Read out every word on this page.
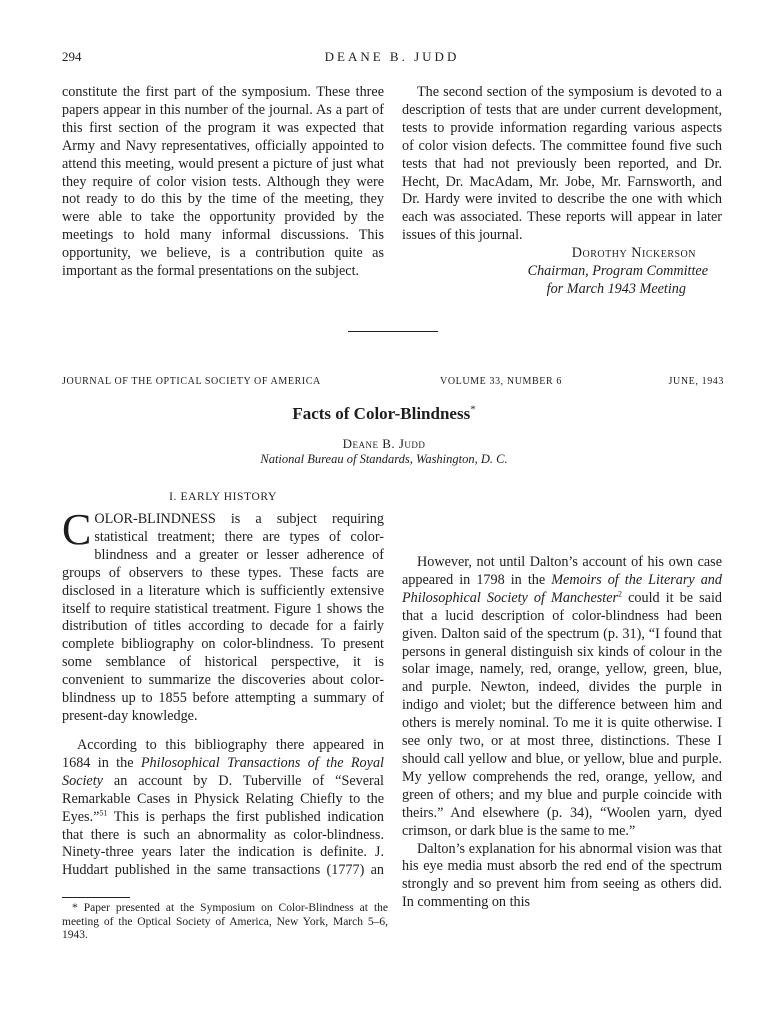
294	DEANE B. JUDD

constitute the first part of the symposium. These three papers appear in this number of the journal. As a part of this first section of the program it was expected that Army and Navy representatives, officially appointed to attend this meeting, would present a picture of just what they require of color vision tests. Although they were not ready to do this by the time of the meeting, they were able to take the opportunity provided by the meetings to hold many informal discussions. This opportunity, we believe, is a contribution quite as important as the formal presentations on the subject.

The second section of the symposium is devoted to a description of tests that are under current development, tests to provide information regarding various aspects of color vision defects. The committee found five such tests that had not previously been reported, and Dr. Hecht, Dr. MacAdam, Mr. Jobe, Mr. Farnsworth, and Dr. Hardy were invited to describe the one with which each was associated. These reports will appear in later issues of this journal.

Dorothy Nickerson

Chairman, Program Committee

for March 1943 Meeting

JOURNAL OF THE OPTICAL SOCIETY OF AMERICA	VOLUME 33, NUMBER 6	JUNE, 1943
Facts of Color-Blindness*
Deane B. Judd
National Bureau of Standards, Washington, D. C.
I. EARLY HISTORY

COLOR-BLINDNESS is a subject requiring statistical treatment; there are types of color-blindness and a greater or lesser adherence of groups of observers to these types. These facts are disclosed in a literature which is sufficiently extensive itself to require statistical treatment. Figure 1 shows the distribution of titles according to decade for a fairly complete bibliography on color-blindness. To present some semblance of historical perspective, it is convenient to summarize the discoveries about color-blindness up to 1855 before attempting a summary of present-day knowledge.

According to this bibliography there appeared in 1684 in the Philosophical Transactions of the Royal Society an account by D. Tuberville of “Several Remarkable Cases in Physick Relating Chiefly to the Eyes.”$^{51}$ This is perhaps the first published indication that there is such an abnormality as color-blindness. Ninety-three years later the indication is definite. J. Huddart published in the same transactions (1777) an

However, not until Dalton’s account of his own case appeared in 1798 in the Memoirs of the Literary and Philosophical Society of Manchester$^2$ could it be said that a lucid description of color-blindness had been given. Dalton said of the spectrum (p. 31), “I found that persons in general distinguish six kinds of colour in the solar image, namely, red, orange, yellow, green, blue, and purple. Newton, indeed, divides the purple in indigo and violet; but the difference between him and others is merely nominal. To me it is quite otherwise. I see only two, or at most three, distinctions. These I should call yellow and blue, or yellow, blue and purple. My yellow comprehends the red, orange, yellow, and green of others; and my blue and purple coincide with theirs.” And elsewhere (p. 34), “Woolen yarn, dyed crimson, or dark blue is the same to me.”

Dalton’s explanation for his abnormal vision was that his eye media must absorb the red end of the spectrum strongly and so prevent him from seeing as others did. In commenting on this

* Paper presented at the Symposium on Color-Blindness at the meeting of the Optical Society of America, New York, March 5–6, 1943.
